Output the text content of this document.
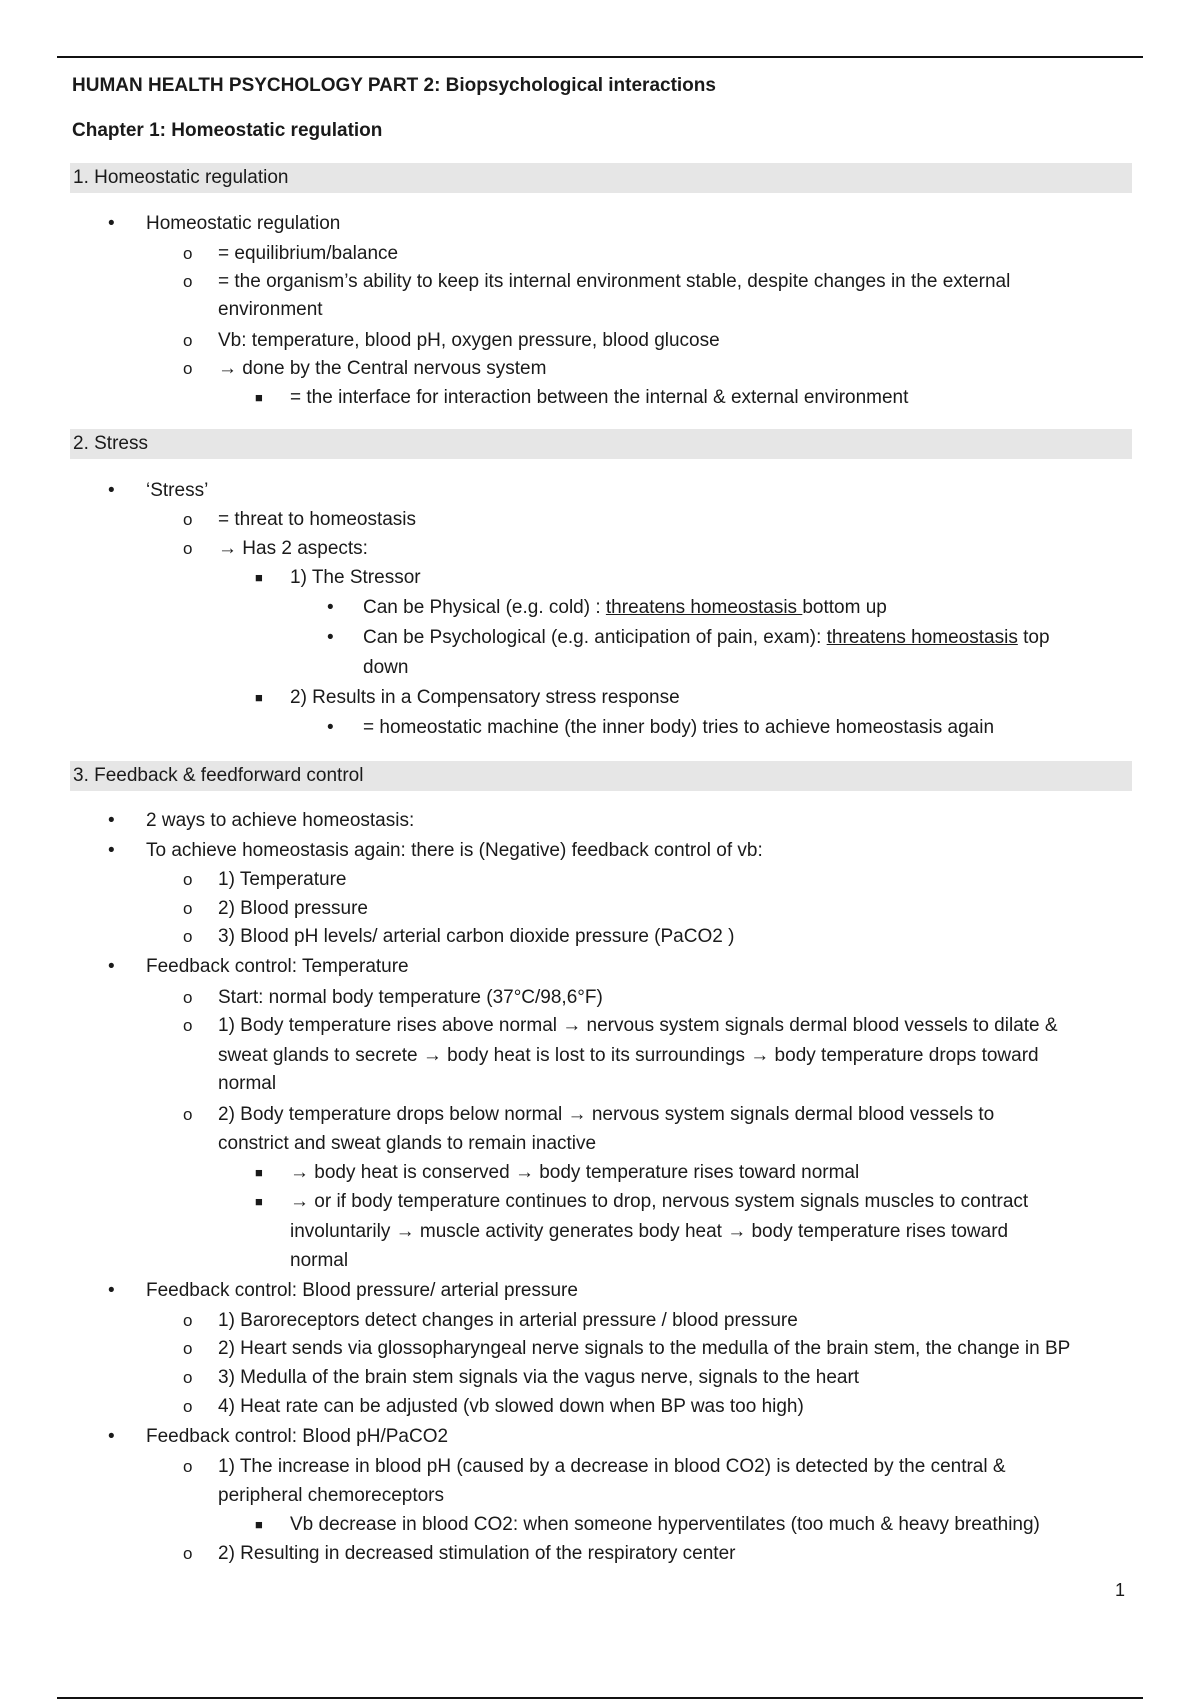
HUMAN HEALTH PSYCHOLOGY PART 2: Biopsychological interactions
Chapter 1: Homeostatic regulation
1. Homeostatic regulation
• Homeostatic regulation
o = equilibrium/balance
o = the organism’s ability to keep its internal environment stable, despite changes in the external
environment
o Vb: temperature, blood pH, oxygen pressure, blood glucose
o → done by the Central nervous system
■ = the interface for interaction between the internal & external environment
2. Stress
• ‘Stress’
o = threat to homeostasis
o → Has 2 aspects:
■ 1) The Stressor
• Can be Physical (e.g. cold) : threatens homeostasis bottom up
• Can be Psychological (e.g. anticipation of pain, exam): threatens homeostasis top
down
■ 2) Results in a Compensatory stress response
• = homeostatic machine (the inner body) tries to achieve homeostasis again
3. Feedback & feedforward control
• 2 ways to achieve homeostasis:
• To achieve homeostasis again: there is (Negative) feedback control of vb:
o 1) Temperature
o 2) Blood pressure
o 3) Blood pH levels/ arterial carbon dioxide pressure (PaCO2 )
• Feedback control: Temperature
o Start: normal body temperature (37°C/98,6°F)
o 1) Body temperature rises above normal → nervous system signals dermal blood vessels to dilate &
sweat glands to secrete → body heat is lost to its surroundings → body temperature drops toward
normal
o 2) Body temperature drops below normal → nervous system signals dermal blood vessels to
constrict and sweat glands to remain inactive
■ → body heat is conserved → body temperature rises toward normal
■ → or if body temperature continues to drop, nervous system signals muscles to contract
involuntarily → muscle activity generates body heat → body temperature rises toward
normal
• Feedback control: Blood pressure/ arterial pressure
o 1) Baroreceptors detect changes in arterial pressure / blood pressure
o 2) Heart sends via glossopharyngeal nerve signals to the medulla of the brain stem, the change in BP
o 3) Medulla of the brain stem signals via the vagus nerve, signals to the heart
o 4) Heat rate can be adjusted (vb slowed down when BP was too high)
• Feedback control: Blood pH/PaCO2
o 1) The increase in blood pH (caused by a decrease in blood CO2) is detected by the central &
peripheral chemoreceptors
■ Vb decrease in blood CO2: when someone hyperventilates (too much & heavy breathing)
o 2) Resulting in decreased stimulation of the respiratory center
1
